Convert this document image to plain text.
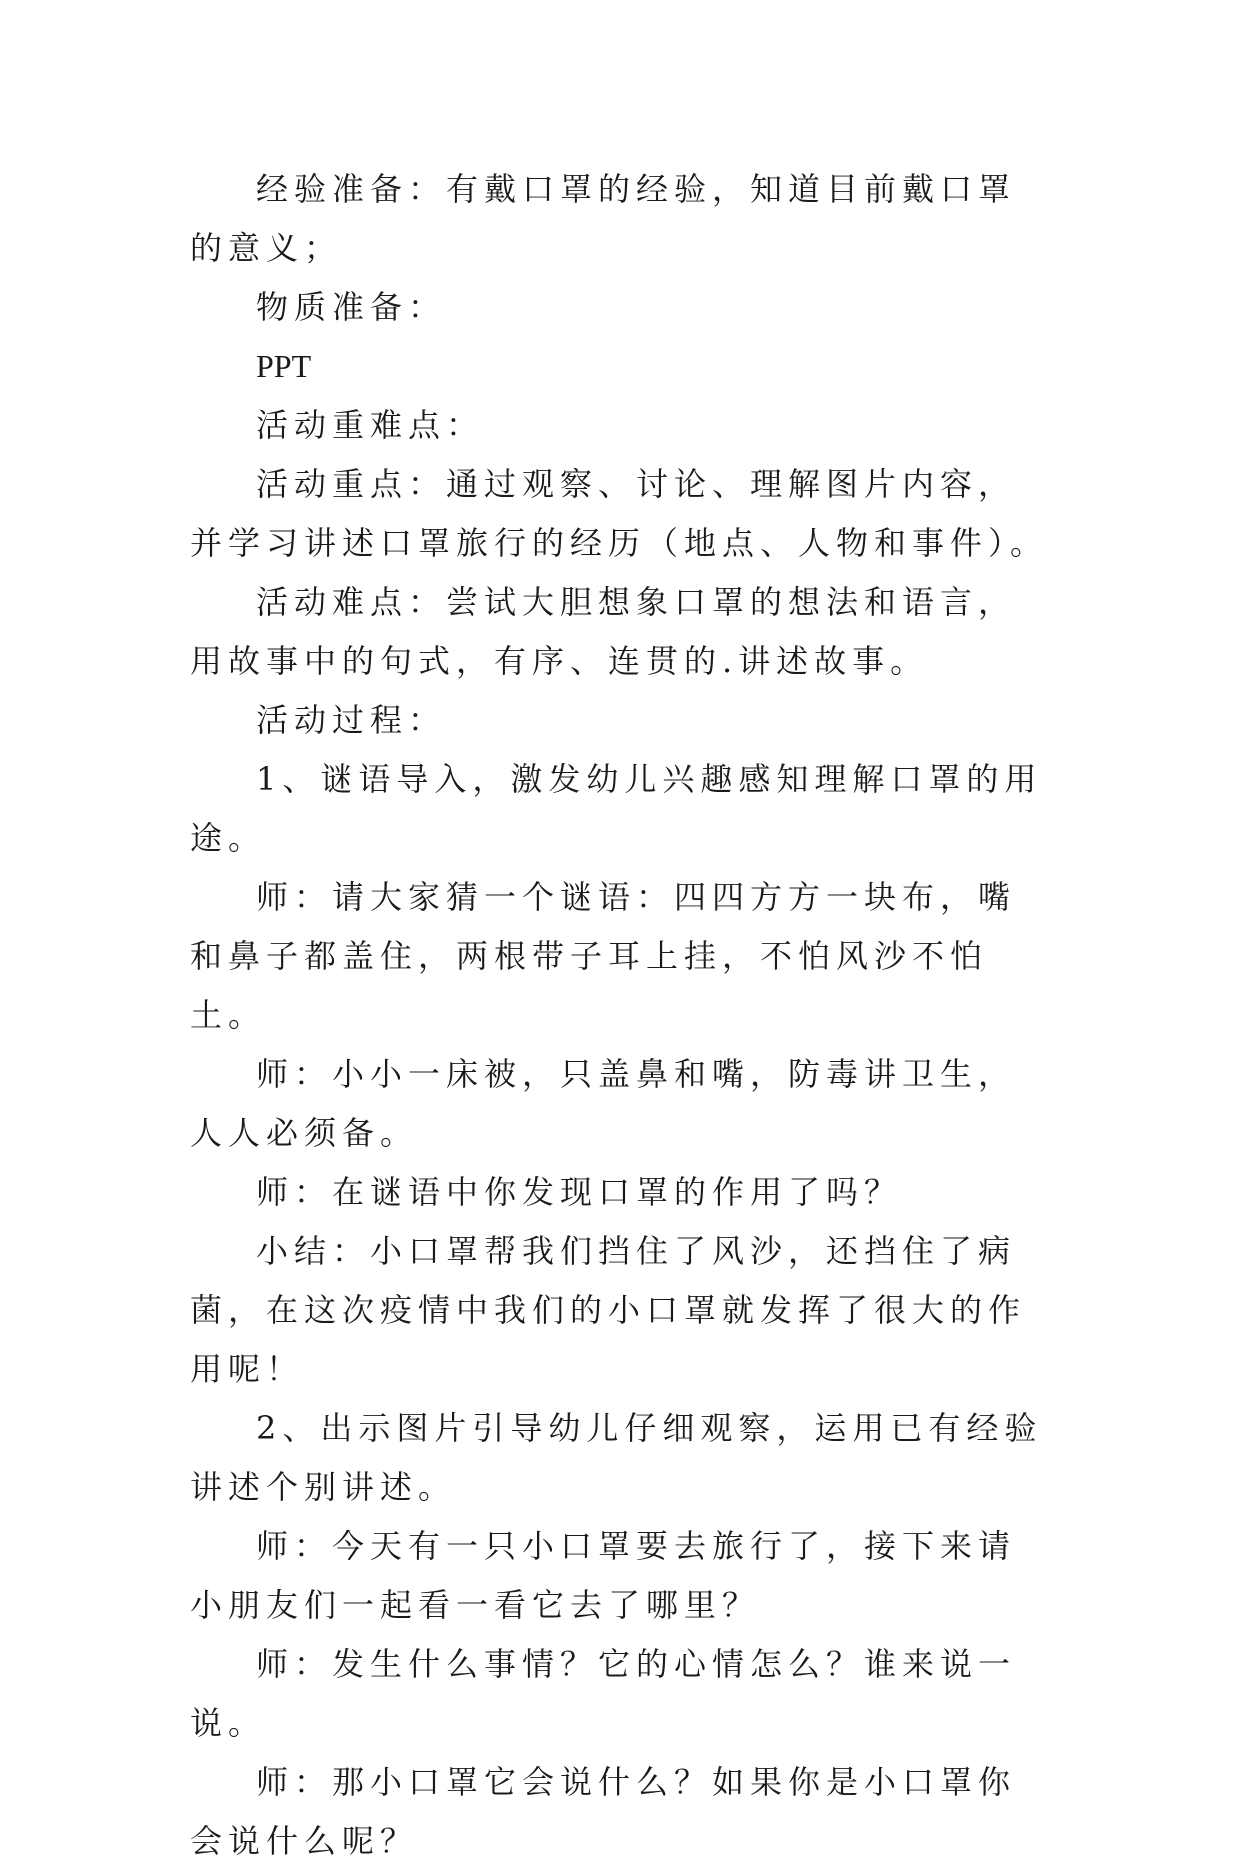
经验准备：有戴口罩的经验，知道目前戴口罩的意义；

物质准备：

PPT

活动重难点：

活动重点：通过观察、讨论、理解图片内容，并学习讲述口罩旅行的经历（地点、人物和事件）。

活动难点：尝试大胆想象口罩的想法和语言，用故事中的句式，有序、连贯的.讲述故事。

活动过程：

1、谜语导入，激发幼儿兴趣感知理解口罩的用途。

师：请大家猜一个谜语：四四方方一块布，嘴和鼻子都盖住，两根带子耳上挂，不怕风沙不怕土。

师：小小一床被，只盖鼻和嘴，防毒讲卫生，人人必须备。

师：在谜语中你发现口罩的作用了吗？

小结：小口罩帮我们挡住了风沙，还挡住了病菌，在这次疫情中我们的小口罩就发挥了很大的作用呢！

2、出示图片引导幼儿仔细观察，运用已有经验讲述个别讲述。

师：今天有一只小口罩要去旅行了，接下来请小朋友们一起看一看它去了哪里？

师：发生什么事情？它的心情怎么？谁来说一说。

师：那小口罩它会说什么？如果你是小口罩你会说什么呢？
